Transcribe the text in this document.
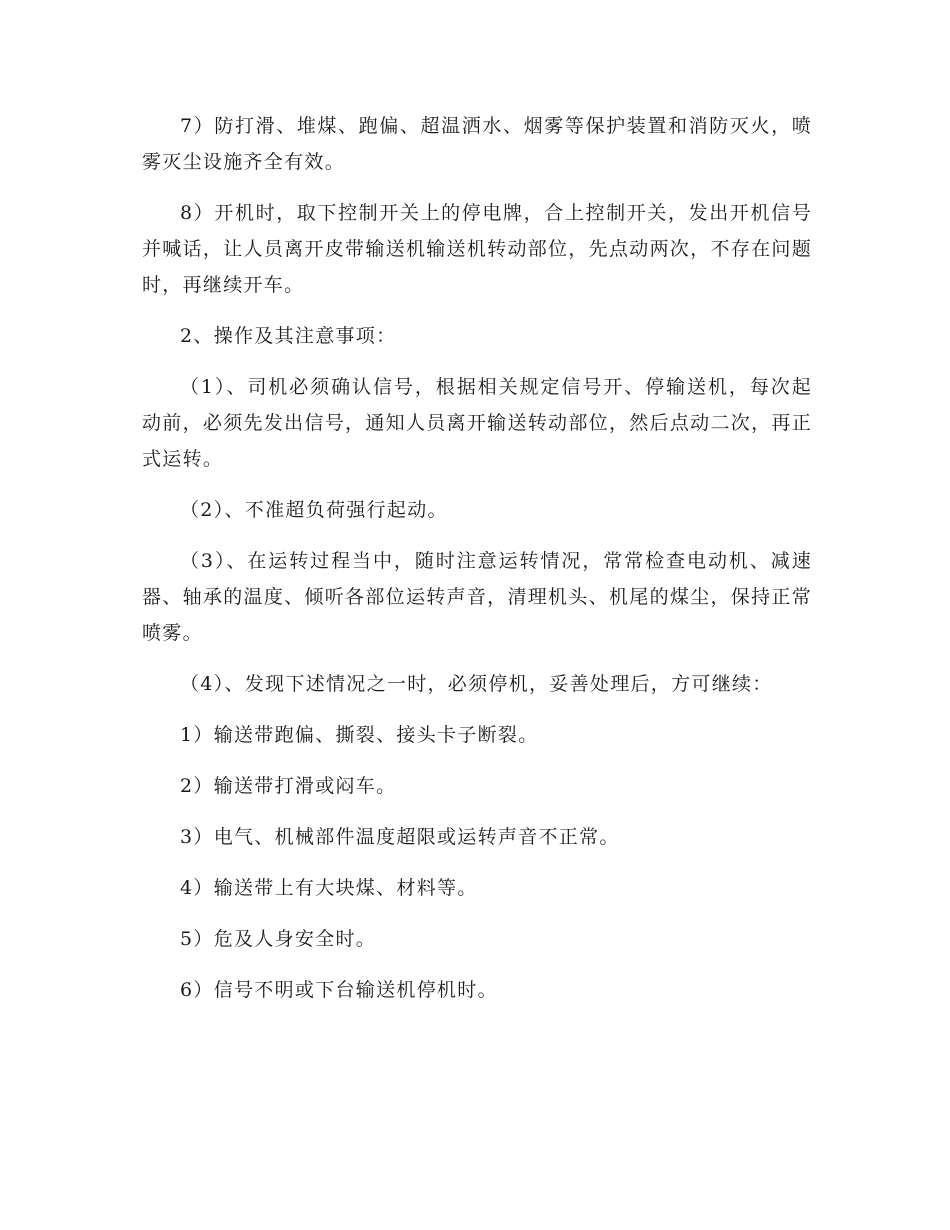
7）防打滑、堆煤、跑偏、超温洒水、烟雾等保护装置和消防灭火，喷雾灭尘设施齐全有效。

8）开机时，取下控制开关上的停电牌，合上控制开关，发出开机信号并喊话，让人员离开皮带输送机输送机转动部位，先点动两次，不存在问题时，再继续开车。

2、操作及其注意事项：

（1）、司机必须确认信号，根据相关规定信号开、停输送机，每次起动前，必须先发出信号，通知人员离开输送转动部位，然后点动二次，再正式运转。

（2）、不准超负荷强行起动。

（3）、在运转过程当中，随时注意运转情况，常常检查电动机、减速器、轴承的温度、倾听各部位运转声音，清理机头、机尾的煤尘，保持正常喷雾。

（4）、发现下述情况之一时，必须停机，妥善处理后，方可继续：

1）输送带跑偏、撕裂、接头卡子断裂。

2）输送带打滑或闷车。

3）电气、机械部件温度超限或运转声音不正常。

4）输送带上有大块煤、材料等。

5）危及人身安全时。

6）信号不明或下台输送机停机时。
